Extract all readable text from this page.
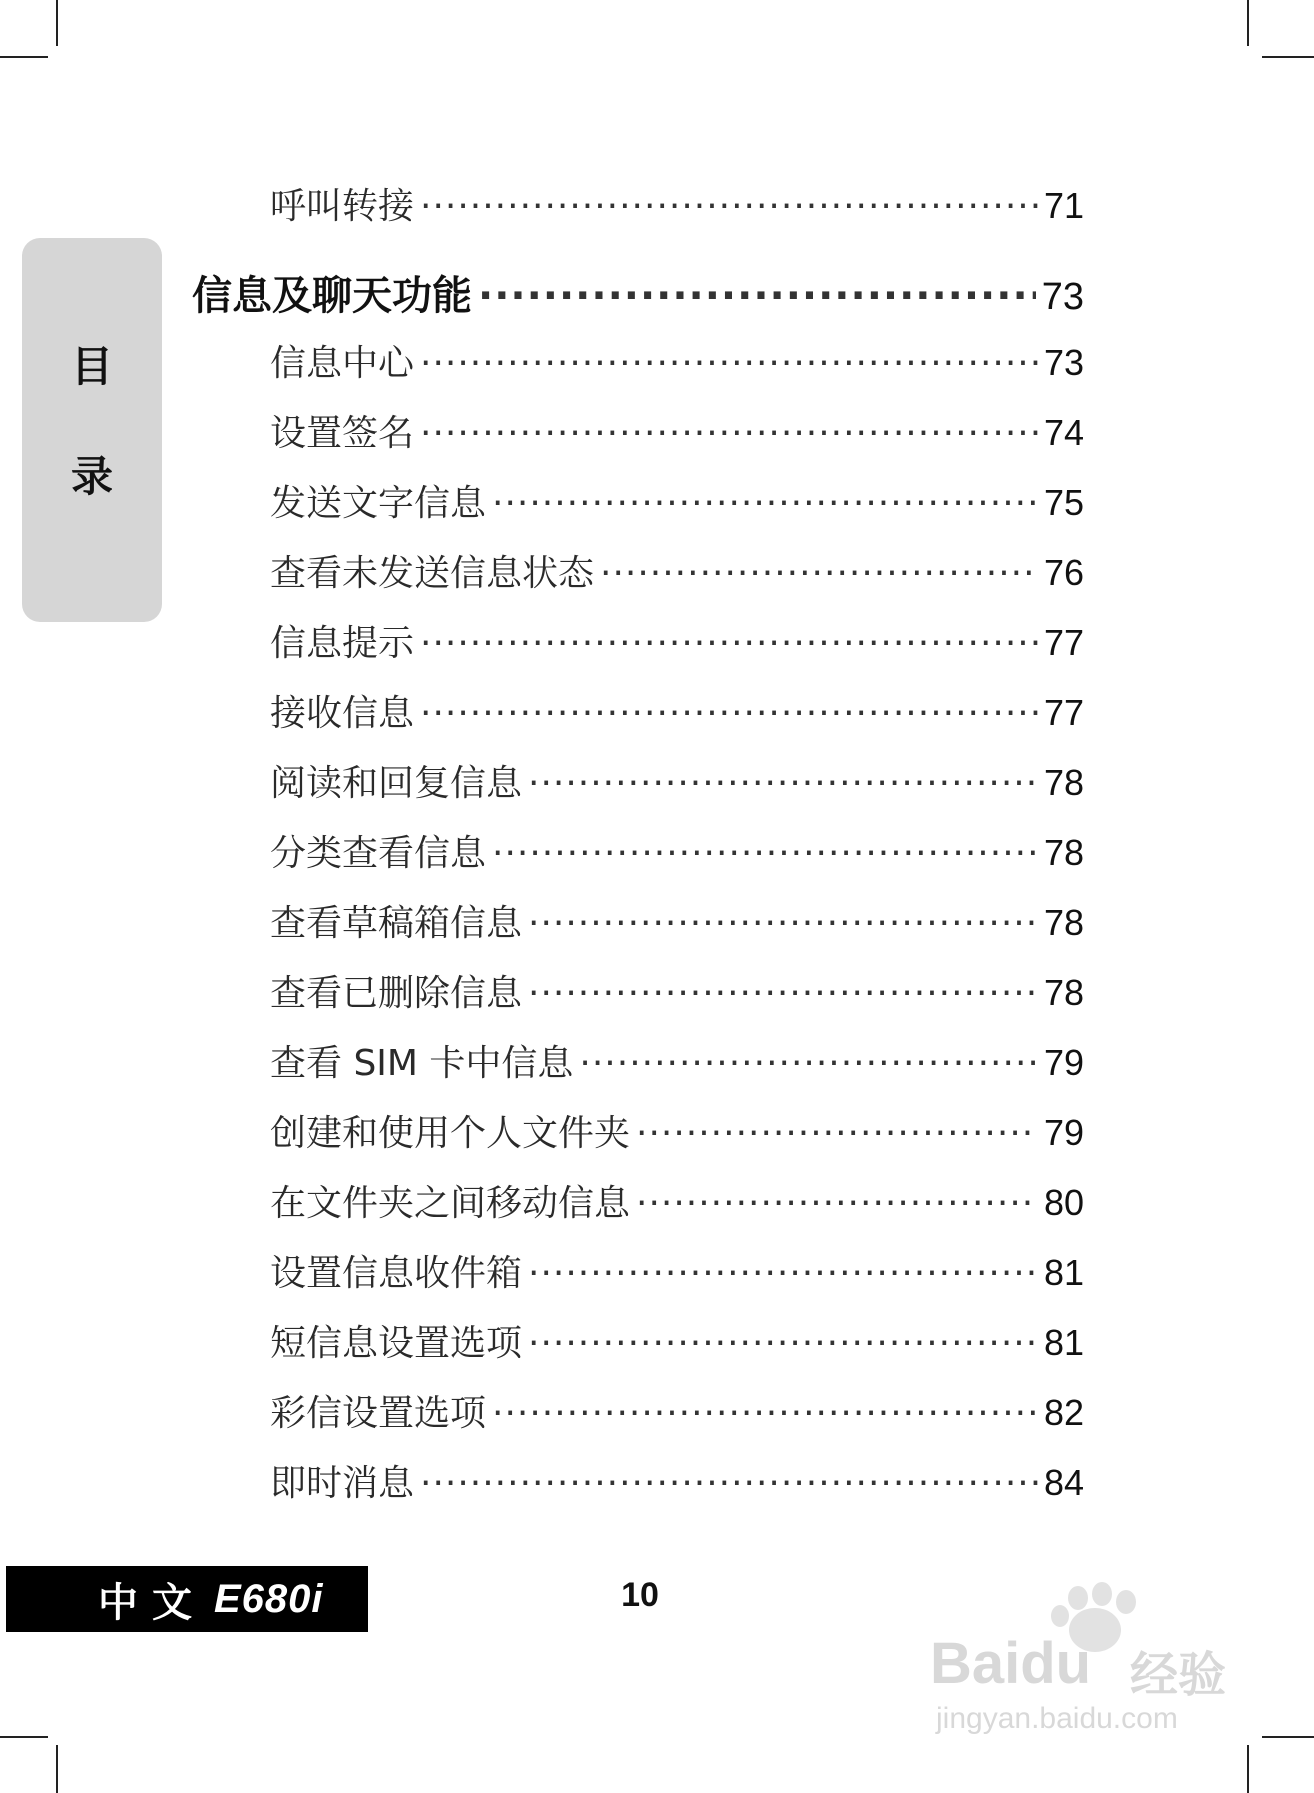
目
录
呼叫转接 ·····	71
信息及聊天功能 ·····	73
信息中心 ·····	73
设置签名 ·····	74
发送文字信息 ·····	75
查看未发送信息状态 ·····	76
信息提示 ·····	77
接收信息 ·····	77
阅读和回复信息 ·····	78
分类查看信息 ·····	78
查看草稿箱信息 ·····	78
查看已删除信息 ·····	78
查看 SIM 卡中信息 ·····	79
创建和使用个人文件夹 ·····	79
在文件夹之间移动信息 ·····	80
设置信息收件箱 ·····	81
短信息设置选项 ·····	81
彩信设置选项 ·····	82
即时消息 ·····	84
中文 E680i	10
Baidu 经验
jingyan.baidu.com
